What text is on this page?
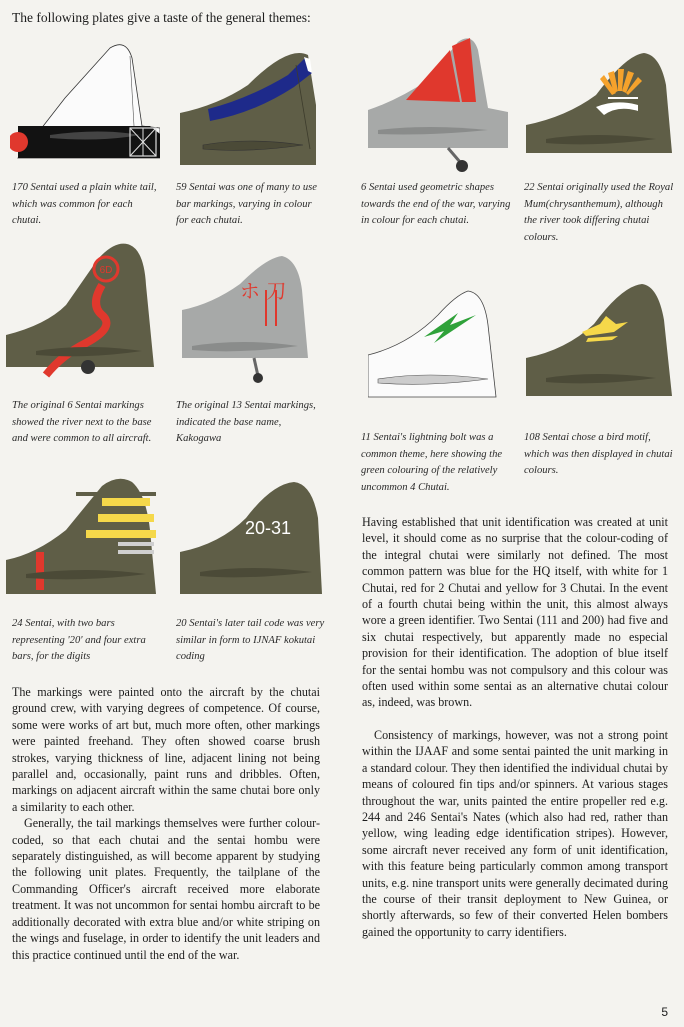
The following plates give a taste of the general themes:
6D
ホ 刀
20-31
170 Sentai used a plain white tail, which was common for each chutai.
59 Sentai was one of many to use bar markings, varying in colour for each chutai.
6 Sentai used geometric shapes towards the end of the war, varying in colour for each chutai.
22 Sentai originally used the Royal Mum(chrysanthemum), although the river took differing chutai colours.
The original 6 Sentai markings showed the river next to the base and were common to all aircraft.
The original 13 Sentai markings, indicated the base name, Kakogawa	11 Sentai's lightning bolt was a common theme, here showing the green colouring of the relatively uncommon 4 Chutai.
108 Sentai chose a bird motif, which was then displayed in chutai colours.
24 Sentai, with two bars representing '20' and four extra bars, for the digits
20 Sentai's later tail code was very similar in form to IJNAF kokutai coding

The markings were painted onto the aircraft by the chutai ground crew, with varying degrees of competence. Of course, some were works of art but, much more often, other markings were painted freehand. They often showed coarse brush strokes, varying thickness of line, adjacent lining not being parallel and, occasionally, paint runs and dribbles. Often, markings on adjacent aircraft within the same chutai bore only a similarity to each other.

Generally, the tail markings themselves were further colour-coded, so that each chutai and the sentai hombu were separately distinguished, as will become apparent by studying the following unit plates. Frequently, the tailplane of the Commanding Officer's aircraft received more elaborate treatment. It was not uncommon for sentai hombu aircraft to be additionally decorated with extra blue and/or white striping on the wings and fuselage, in order to identify the unit leaders and this practice continued until the end of the war.

Having established that unit identification was created at unit level, it should come as no surprise that the colour-coding of the integral chutai were similarly not defined. The most common pattern was blue for the HQ itself, with white for 1 Chutai, red for 2 Chutai and yellow for 3 Chutai. In the event of a fourth chutai being within the unit, this almost always wore a green identifier. Two Sentai (111 and 200) had five and six chutai respectively, but apparently made no especial provision for their identification. The adoption of blue itself for the sentai hombu was not compulsory and this colour was often used within some sentai as an alternative chutai colour as, indeed, was brown.

Consistency of markings, however, was not a strong point within the IJAAF and some sentai painted the unit marking in a standard colour. They then identified the individual chutai by means of coloured fin tips and/or spinners. At various stages throughout the war, units painted the entire propeller red e.g. 244 and 246 Sentai's Nates (which also had red, rather than yellow, wing leading edge identification stripes). However, some aircraft never received any form of unit identification, with this feature being particularly common among transport units, e.g. nine transport units were generally decimated during the course of their transit deployment to New Guinea, or shortly afterwards, so few of their converted Helen bombers gained the opportunity to carry identifiers.

5
